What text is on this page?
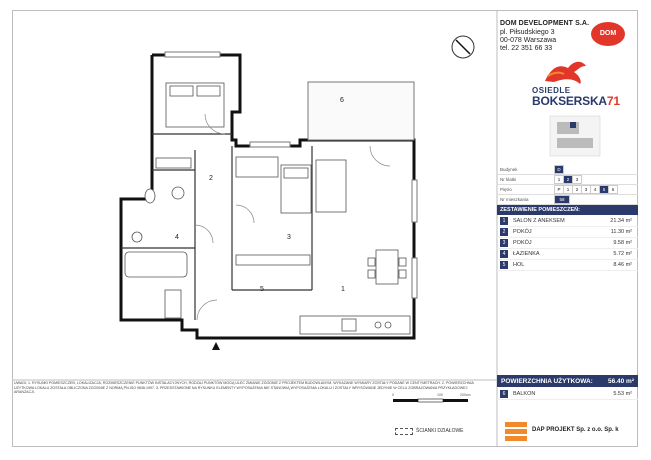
1
2
3
4
5
6
DOM DEVELOPMENT S.A.
pl. Piłsudskiego 3
00-078 Warszawa
tel. 22 351 66 33
DOM
OSIEDLE
BOKSERSKA71
Budynek	D
Nr klatki	1	2	3
Piętro	P	1	2	3	4	5	6
Nr mieszkania	58
ZESTAWIENIE POMIESZCZEŃ:
1	SALON Z ANEKSEM	21.34 m²
2	POKÓJ	11.30 m²
3	POKÓJ	9.58 m²
4	ŁAZIENKA	5.72 m²
5	HOL	8.46 m²
POWIERZCHNIA UŻYTKOWA: 56.40 m²
6	BALKON	5.53 m²
UWAGI: 1. RYSUNKI POMIESZCZEŃ, LOKALIZACJA, ROZMIESZCZENIE PUNKTÓW INSTALACYJNYCH, RODZAJ PUNKTÓW MOGĄ ULEC ZMIANIE ZGODNIE Z PROJEKTEM BUDOWLANYM. WYKAZANE WYMIARY ZOSTAŁY PODANE W CENTYMETRACH. 2. POWIERZCHNIA UŻYTKOWA LOKALU ZOSTAŁA OBLICZONA ZGODNIE Z NORMĄ PN-ISO 9836:1997. 3. PRZEDSTAWIONE NA RYSUNKU ELEMENTY WYPOSAŻENIA NIE STANOWIĄ WYPOSAŻENIA LOKALU I ZOSTAŁY WRYSOWANE JEDYNIE W CELU ZOBRAZOWANIA PRZYKŁADOWEJ ARANŻACJI.
0	100	200cm
ŚCIANKI DZIAŁOWE	DAP PROJEKT Sp. z o.o. Sp. k
